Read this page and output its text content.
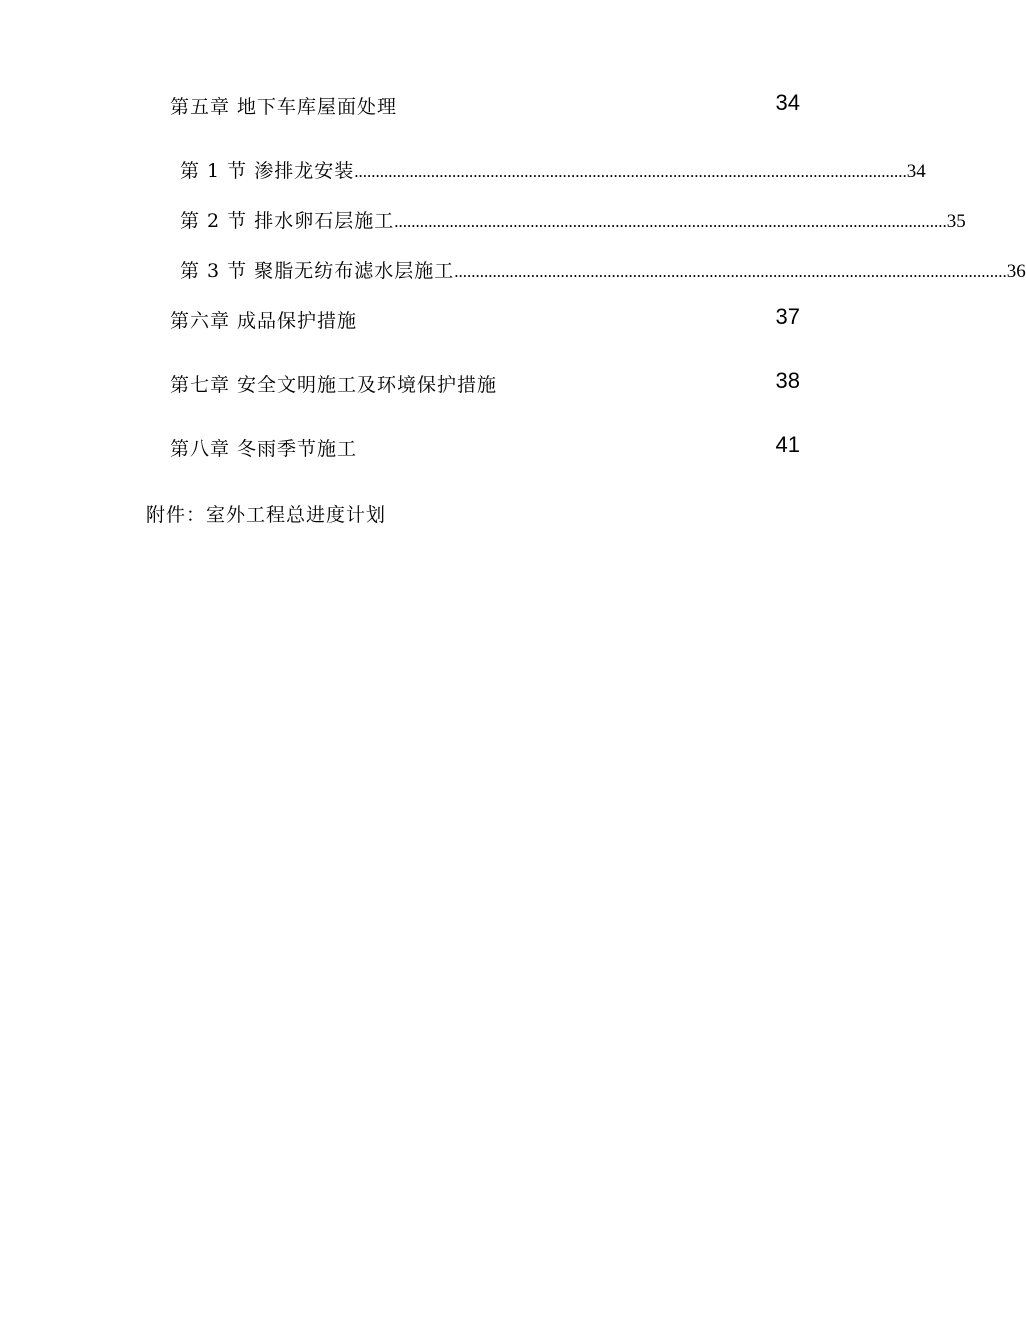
第五章 地下车库屋面处理	34
第 1 节 渗排龙安装 .................................................................................................................................. 34
第 2 节 排水卵石层施工 .................................................................................................................................. 35
第 3 节 聚脂无纺布滤水层施工 .................................................................................................................................. 36
第六章 成品保护措施	37
第七章 安全文明施工及环境保护措施	38
第八章 冬雨季节施工	41
附件：室外工程总进度计划
